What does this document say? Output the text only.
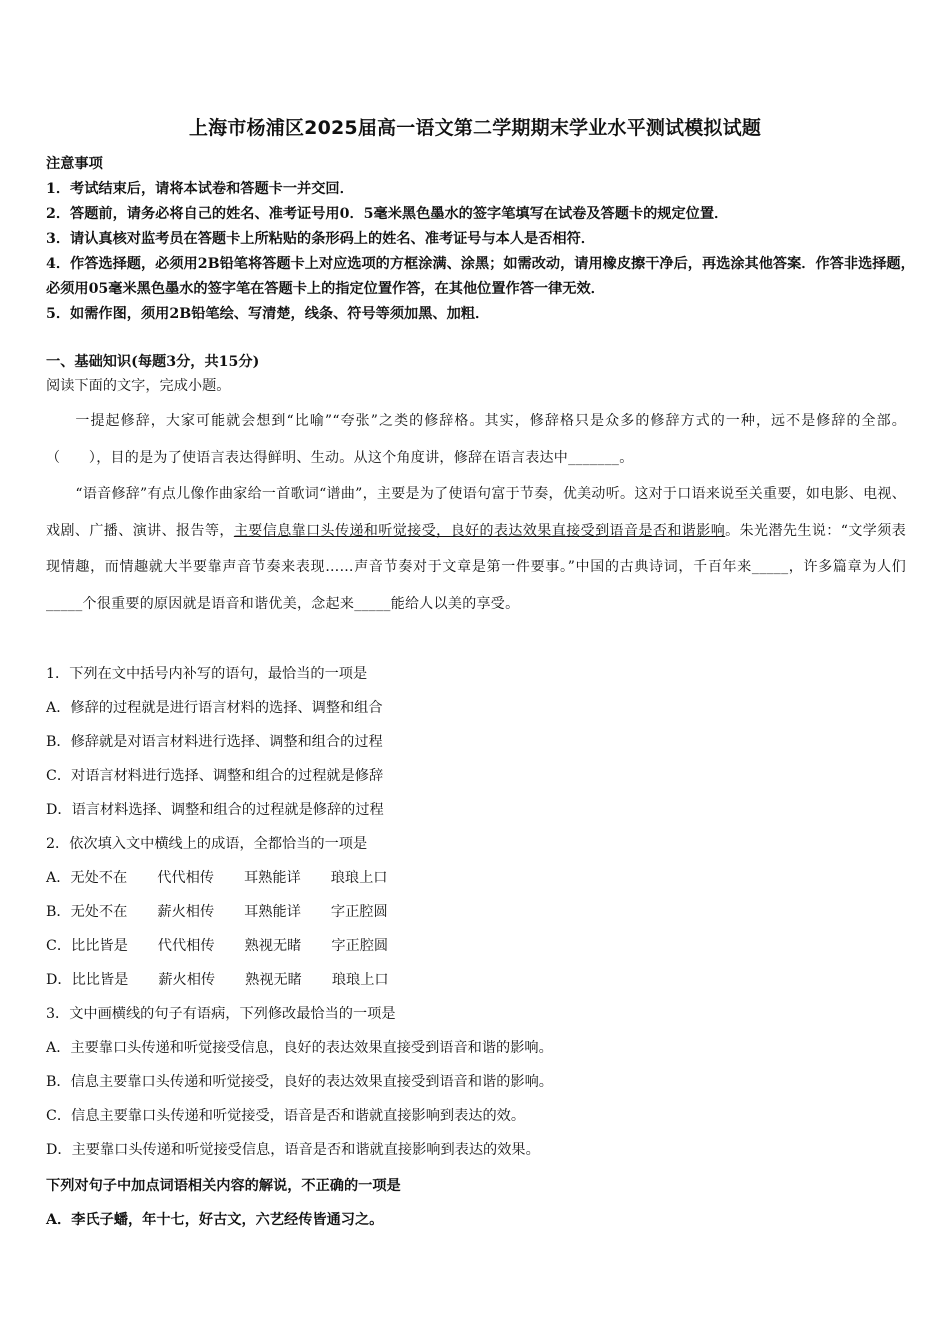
上海市杨浦区2025届高一语文第二学期期末学业水平测试模拟试题
注意事项
1．考试结束后，请将本试卷和答题卡一并交回．
2．答题前，请务必将自己的姓名、准考证号用0．5毫米黑色墨水的签字笔填写在试卷及答题卡的规定位置．
3．请认真核对监考员在答题卡上所粘贴的条形码上的姓名、准考证号与本人是否相符．
4．作答选择题，必须用2B铅笔将答题卡上对应选项的方框涂满、涂黑；如需改动，请用橡皮擦干净后，再选涂其他答案．作答非选择题，必须用05毫米黑色墨水的签字笔在答题卡上的指定位置作答，在其他位置作答一律无效．
5．如需作图，须用2B铅笔绘、写清楚，线条、符号等须加黑、加粗．
一、基础知识(每题3分，共15分)
阅读下面的文字，完成小题。

一提起修辞，大家可能就会想到“比喻”“夸张”之类的修辞格。其实，修辞格只是众多的修辞方式的一种，远不是修辞的全部。（　　），目的是为了使语言表达得鲜明、生动。从这个角度讲，修辞在语言表达中_______。

“语音修辞”有点儿像作曲家给一首歌词“谱曲”，主要是为了使语句富于节奏，优美动听。这对于口语来说至关重要，如电影、电视、戏剧、广播、演讲、报告等，主要信息靠口头传递和听觉接受，良好的表达效果直接受到语音是否和谐影响。朱光潜先生说：“文学须表现情趣，而情趣就大半要靠声音节奏来表现……声音节奏对于文章是第一件要事。”中国的古典诗词，千百年来_____，许多篇章为人们_____个很重要的原因就是语音和谐优美，念起来_____能给人以美的享受。

1．下列在文中括号内补写的语句，最恰当的一项是
A．修辞的过程就是进行语言材料的选择、调整和组合
B．修辞就是对语言材料进行选择、调整和组合的过程
C．对语言材料进行选择、调整和组合的过程就是修辞
D．语言材料选择、调整和组合的过程就是修辞的过程
2．依次填入文中横线上的成语，全都恰当的一项是
A．无处不在 代代相传 耳熟能详 琅琅上口
B．无处不在 薪火相传 耳熟能详 字正腔圆
C．比比皆是 代代相传 熟视无睹 字正腔圆
D．比比皆是 薪火相传 熟视无睹 琅琅上口
3．文中画横线的句子有语病，下列修改最恰当的一项是
A．主要靠口头传递和听觉接受信息，良好的表达效果直接受到语音和谐的影响。
B．信息主要靠口头传递和听觉接受，良好的表达效果直接受到语音和谐的影响。
C．信息主要靠口头传递和听觉接受，语音是否和谐就直接影响到表达的效。
D．主要靠口头传递和听觉接受信息，语音是否和谐就直接影响到表达的效果。
下列对句子中加点词语相关内容的解说，不正确的一项是
A．李氏子蟠，年十七，好古文，六艺经传皆通习之。
